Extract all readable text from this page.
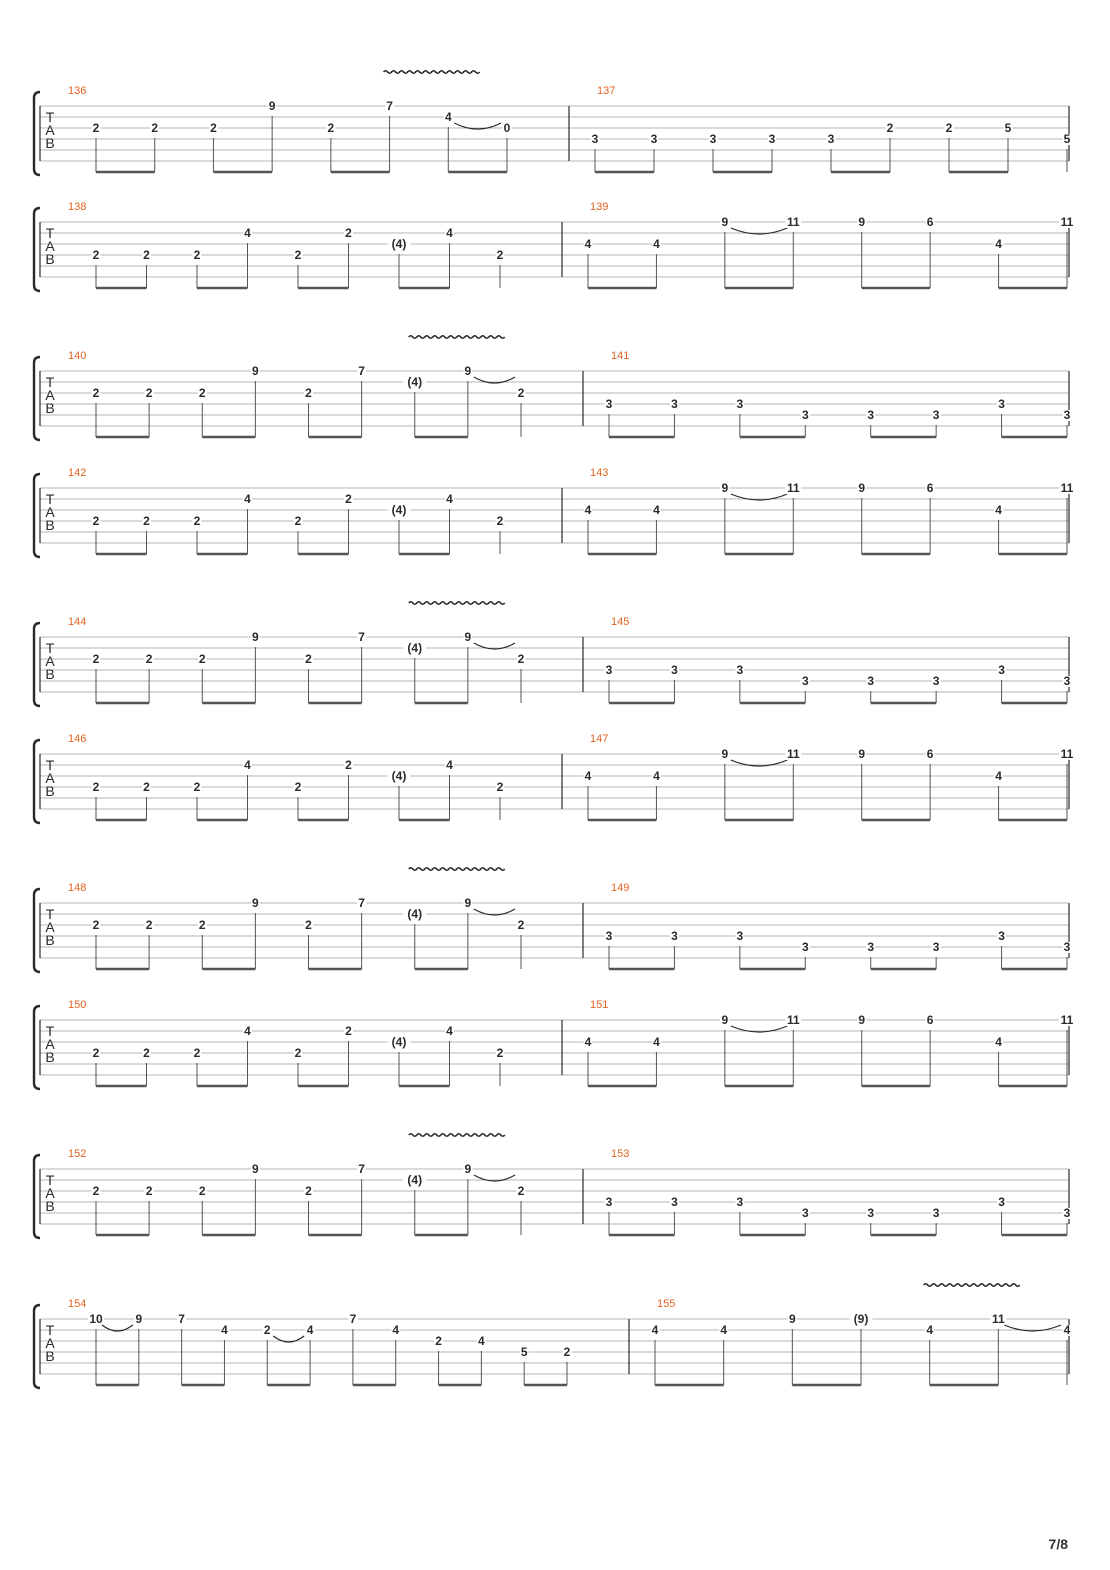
T
A
B
136
2	2	2
9
2
7
4
0
137
3	3	3	3	3
2	2	5
5
T
A
B
138
2	2	2
4
2
2
(4)
4
2
139
4	4
9	11	9	6
4
11
T
A
B
140
2	2	2
9
2
7
(4)
9
2
141
3	3	3
3	3	3
3
3
T
A
B
142
2	2	2
4
2
2
(4)
4
2
143
4	4
9	11	9	6
4
11
T
A
B
144
2	2	2
9
2
7
(4)
9
2
145
3	3	3
3	3	3
3
3
T
A
B
146
2	2	2
4
2
2
(4)
4
2
147
4	4
9	11	9	6
4
11
T
A
B
148
2	2	2
9
2
7
(4)
9
2
149
3	3	3
3	3	3
3
3
T
A
B
150
2	2	2
4
2
2
(4)
4
2
151
4	4
9	11	9	6
4
11
T
A
B
152
2	2	2
9
2
7
(4)
9
2
153
3	3	3
3	3	3
3
3
T
A
B
154
10	9	7
4	2	4
7
4
2	4
5	2
155
4	4
9	(9)
4
11
4
7/8
